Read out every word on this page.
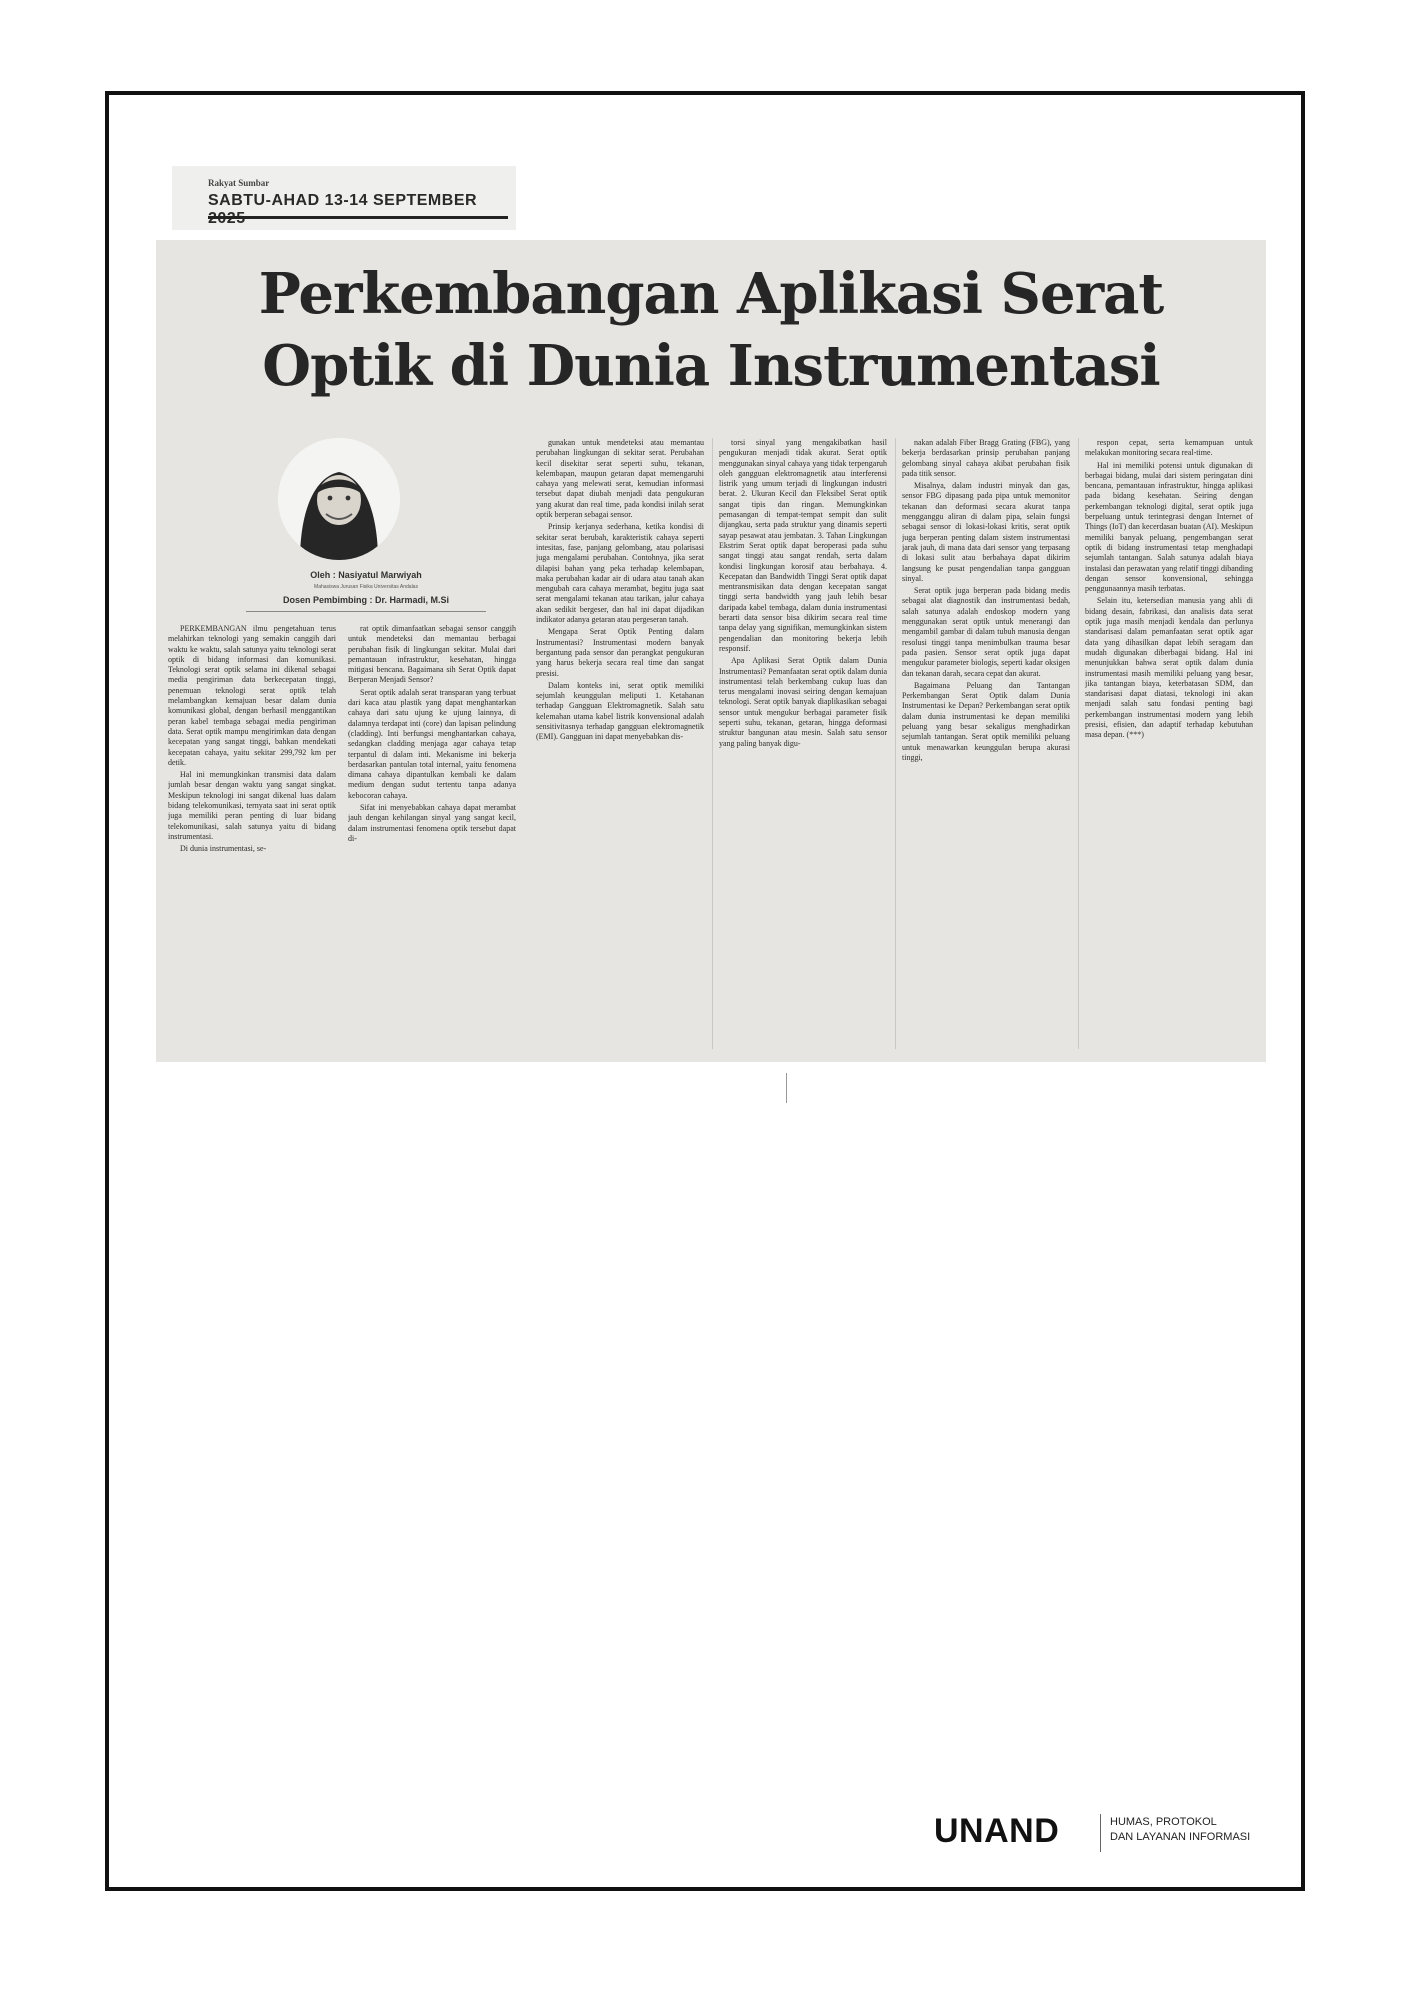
Rakyat Sumbar
SABTU-AHAD 13-14 SEPTEMBER
Perkembangan Aplikasi Serat
Optik di Dunia Instrumentasi
Oleh : Nasiyatul Marwiyah
Mahasiswa Jurusan Fisika Universitas Andalas
Dosen Pembimbing : Dr. Harmadi, M.Si

PERKEMBANGAN ilmu pengetahuan terus melahirkan teknologi yang semakin canggih dari waktu ke waktu, salah satunya yaitu teknologi serat optik di bidang informasi dan komunikasi. Teknologi serat optik selama ini dikenal sebagai media pengiriman data berkecepatan tinggi, penemuan teknologi serat optik telah melambangkan kemajuan besar dalam dunia komunikasi global, dengan berhasil menggantikan peran kabel tembaga sebagai media pengiriman data. Serat optik mampu mengirimkan data dengan kecepatan yang sangat tinggi, bahkan mendekati kecepatan cahaya, yaitu sekitar 299,792 km per detik.

Hal ini memungkinkan transmisi data dalam jumlah besar dengan waktu yang sangat singkat. Meskipun teknologi ini sangat dikenal luas dalam bidang telekomunikasi, ternyata saat ini serat optik juga memiliki peran penting di luar bidang telekomunikasi, salah satunya yaitu di bidang instrumentasi.

Di dunia instrumentasi, se-

rat optik dimanfaatkan sebagai sensor canggih untuk mendeteksi dan memantau berbagai perubahan fisik di lingkungan sekitar. Mulai dari pemantauan infrastruktur, kesehatan, hingga mitigasi bencana. Bagaimana sih Serat Optik dapat Berperan Menjadi Sensor?

Serat optik adalah serat transparan yang terbuat dari kaca atau plastik yang dapat menghantarkan cahaya dari satu ujung ke ujung lainnya, di dalamnya terdapat inti (core) dan lapisan pelindung (cladding). Inti berfungsi menghantarkan cahaya, sedangkan cladding menjaga agar cahaya tetap terpantul di dalam inti. Mekanisme ini bekerja berdasarkan pantulan total internal, yaitu fenomena dimana cahaya dipantulkan kembali ke dalam medium dengan sudut tertentu tanpa adanya kebocoran cahaya.

Sifat ini menyebabkan cahaya dapat merambat jauh dengan kehilangan sinyal yang sangat kecil, dalam instrumentasi fenomena optik tersebut dapat di-

gunakan untuk mendeteksi atau memantau perubahan lingkungan di sekitar serat. Perubahan kecil disekitar serat seperti suhu, tekanan, kelembapan, maupun getaran dapat memengaruhi cahaya yang melewati serat, kemudian informasi tersebut dapat diubah menjadi data pengukuran yang akurat dan real time, pada kondisi inilah serat optik berperan sebagai sensor.

Prinsip kerjanya sederhana, ketika kondisi di sekitar serat berubah, karakteristik cahaya seperti intesitas, fase, panjang gelombang, atau polarisasi juga mengalami perubahan. Contohnya, jika serat dilapisi bahan yang peka terhadap kelembapan, maka perubahan kadar air di udara atau tanah akan mengubah cara cahaya merambat, begitu juga saat serat mengalami tekanan atau tarikan, jalur cahaya akan sedikit bergeser, dan hal ini dapat dijadikan indikator adanya getaran atau pergeseran tanah.

Mengapa Serat Optik Penting dalam Instrumentasi? Instrumentasi modern banyak bergantung pada sensor dan perangkat pengukuran yang harus bekerja secara real time dan sangat presisi.

Dalam konteks ini, serat optik memiliki sejumlah keunggulan meliputi 1. Ketahanan terhadap Gangguan Elektromagnetik. Salah satu kelemahan utama kabel listrik konvensional adalah sensitivitasnya terhadap gangguan elektromagnetik (EMI). Gangguan ini dapat menyebabkan dis-

torsi sinyal yang mengakibatkan hasil pengukuran menjadi tidak akurat. Serat optik menggunakan sinyal cahaya yang tidak terpengaruh oleh gangguan elektromagnetik atau interferensi listrik yang umum terjadi di lingkungan industri berat. 2. Ukuran Kecil dan Fleksibel Serat optik sangat tipis dan ringan. Memungkinkan pemasangan di tempat-tempat sempit dan sulit dijangkau, serta pada struktur yang dinamis seperti sayap pesawat atau jembatan. 3. Tahan Lingkungan Ekstrim Serat optik dapat beroperasi pada suhu sangat tinggi atau sangat rendah, serta dalam kondisi lingkungan korosif atau berbahaya. 4. Kecepatan dan Bandwidth Tinggi Serat optik dapat mentransmisikan data dengan kecepatan sangat tinggi serta bandwidth yang jauh lebih besar daripada kabel tembaga, dalam dunia instrumentasi berarti data sensor bisa dikirim secara real time tanpa delay yang signifikan, memungkinkan sistem pengendalian dan monitoring bekerja lebih responsif.

Apa Aplikasi Serat Optik dalam Dunia Instrumentasi? Pemanfaatan serat optik dalam dunia instrumentasi telah berkembang cukup luas dan terus mengalami inovasi seiring dengan kemajuan teknologi. Serat optik banyak diaplikasikan sebagai sensor untuk mengukur berbagai parameter fisik seperti suhu, tekanan, getaran, hingga deformasi struktur bangunan atau mesin. Salah satu sensor yang paling banyak digu-

nakan adalah Fiber Bragg Grating (FBG), yang bekerja berdasarkan prinsip perubahan panjang gelombang sinyal cahaya akibat perubahan fisik pada titik sensor.

Misalnya, dalam industri minyak dan gas, sensor FBG dipasang pada pipa untuk memonitor tekanan dan deformasi secara akurat tanpa mengganggu aliran di dalam pipa, selain fungsi sebagai sensor di lokasi-lokasi kritis, serat optik juga berperan penting dalam sistem instrumentasi jarak jauh, di mana data dari sensor yang terpasang di lokasi sulit atau berbahaya dapat dikirim langsung ke pusat pengendalian tanpa gangguan sinyal.

Serat optik juga berperan pada bidang medis sebagai alat diagnostik dan instrumentasi bedah, salah satunya adalah endoskop modern yang menggunakan serat optik untuk menerangi dan mengambil gambar di dalam tubuh manusia dengan resolusi tinggi tanpa menimbulkan trauma besar pada pasien. Sensor serat optik juga dapat mengukur parameter biologis, seperti kadar oksigen dan tekanan darah, secara cepat dan akurat.

Bagaimana Peluang dan Tantangan Perkembangan Serat Optik dalam Dunia Instrumentasi ke Depan? Perkembangan serat optik dalam dunia instrumentasi ke depan memiliki peluang yang besar sekaligus menghadirkan sejumlah tantangan. Serat optik memiliki peluang untuk menawarkan keunggulan berupa akurasi tinggi,

respon cepat, serta kemampuan untuk melakukan monitoring secara real-time.

Hal ini memiliki potensi untuk digunakan di berbagai bidang, mulai dari sistem peringatan dini bencana, pemantauan infrastruktur, hingga aplikasi pada bidang kesehatan. Seiring dengan perkembangan teknologi digital, serat optik juga berpeluang untuk terintegrasi dengan Internet of Things (IoT) dan kecerdasan buatan (AI). Meskipun memiliki banyak peluang, pengembangan serat optik di bidang instrumentasi tetap menghadapi sejumlah tantangan. Salah satunya adalah biaya instalasi dan perawatan yang relatif tinggi dibanding dengan sensor konvensional, sehingga penggunaannya masih terbatas.

Selain itu, ketersedian manusia yang ahli di bidang desain, fabrikasi, dan analisis data serat optik juga masih menjadi kendala dan perlunya standarisasi dalam pemanfaatan serat optik agar data yang dihasilkan dapat lebih seragam dan mudah digunakan diberbagai bidang. Hal ini menunjukkan bahwa serat optik dalam dunia instrumentasi masih memiliki peluang yang besar, jika tantangan biaya, keterbatasan SDM, dan standarisasi dapat diatasi, teknologi ini akan menjadi salah satu fondasi penting bagi perkembangan instrumentasi modern yang lebih presisi, efisien, dan adaptif terhadap kebutuhan masa depan. (***)

UNAND	HUMAS, PROTOKOL
DAN LAYANAN INFORMASI
